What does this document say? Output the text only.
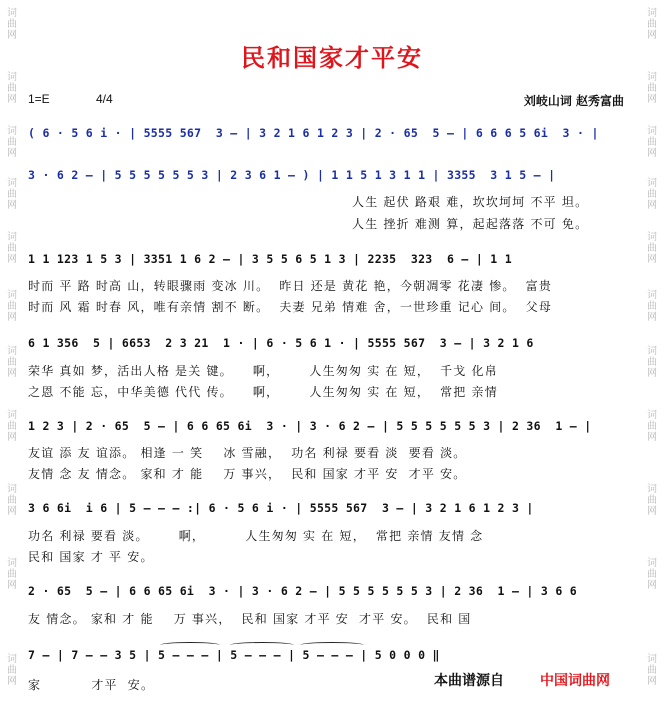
词
曲
网
词
曲
网
词
曲
网
词
曲
网
词
曲
网
词
曲
网
词
曲
网
词
曲
网
词
曲
网
词
曲
网
词
曲
网
词
曲
网
词
曲
网
词
曲
网
词
曲
网
词
曲
网
词
曲
网
词
曲
网
词
曲
网
词
曲
网
词
曲
网
词
曲
网
民和国家才平安
1=E	4/4	刘岐山词 赵秀富曲
( 6 · 5 6 i · | 5555 567  3 – | 3 2 1 6 1 2 3 | 2 · 65  5 – | 6 6 6 5 6i  3 · |
3 · 6 2 – | 5 5 5 5 5 5 3 | 2 3 6 1 – ) | 1 1 5 1 3 1 1 | 3355  3 1 5 – |
人生 起伏 路艰 难，坎坎坷坷 不平 坦。
人生 挫折 难测 算，起起落落 不可 免。
1 1 123 1 5 3 | 3351 1 6 2 – | 3 5 5 6 5 1 3 | 2235  323  6 – | 1 1
时而 平 路 时高 山，转眼骤雨 变冰 川。  昨日 还是 黄花 艳，今朝凋零 花凄 惨。  富贵
时而 风 霜 时春 风，唯有亲情 割不 断。  夫妻 兄弟 情难 舍，一世珍重 记心 间。  父母
6 1 356  5 | 6653  2 3 21  1 · | 6 · 5 6 1 · | 5555 567  3 – | 3 2 1 6
荣华 真如 梦，活出人格 是关 键。    啊，      人生匆匆 实 在 短，  千戈 化帛
之恩 不能 忘，中华美德 代代 传。    啊，      人生匆匆 实 在 短，  常把 亲情
1 2 3 | 2 · 65  5 – | 6 6 65 6i  3 · | 3 · 6 2 – | 5 5 5 5 5 5 3 | 2 36  1 – |
友谊 添 友 谊添。 相逢 一 笑    冰 雪融，  功名 利禄 要看 淡  要看 淡。
友情 念 友 情念。 家和 才 能    万 事兴，  民和 国家 才平 安  才平 安。
3 6 6i  i 6 | 5 – – – :| 6 · 5 6 i · | 5555 567  3 – | 3 2 1 6 1 2 3 |
功名 利禄 要看 淡。      啊，        人生匆匆 实 在 短，  常把 亲情 友情 念
民和 国家 才 平 安。
2 · 65  5 – | 6 6 65 6i  3 · | 3 · 6 2 – | 5 5 5 5 5 5 3 | 2 36  1 – | 3 6 6
友 情念。 家和 才 能    万 事兴，  民和 国家 才平 安  才平 安。  民和 国
7 – | 7 – – 3 5 | 5 – – – | 5 – – – | 5 – – – | 5 0 0 0 ‖
家          才平  安。	本曲谱源自	中国词曲网
